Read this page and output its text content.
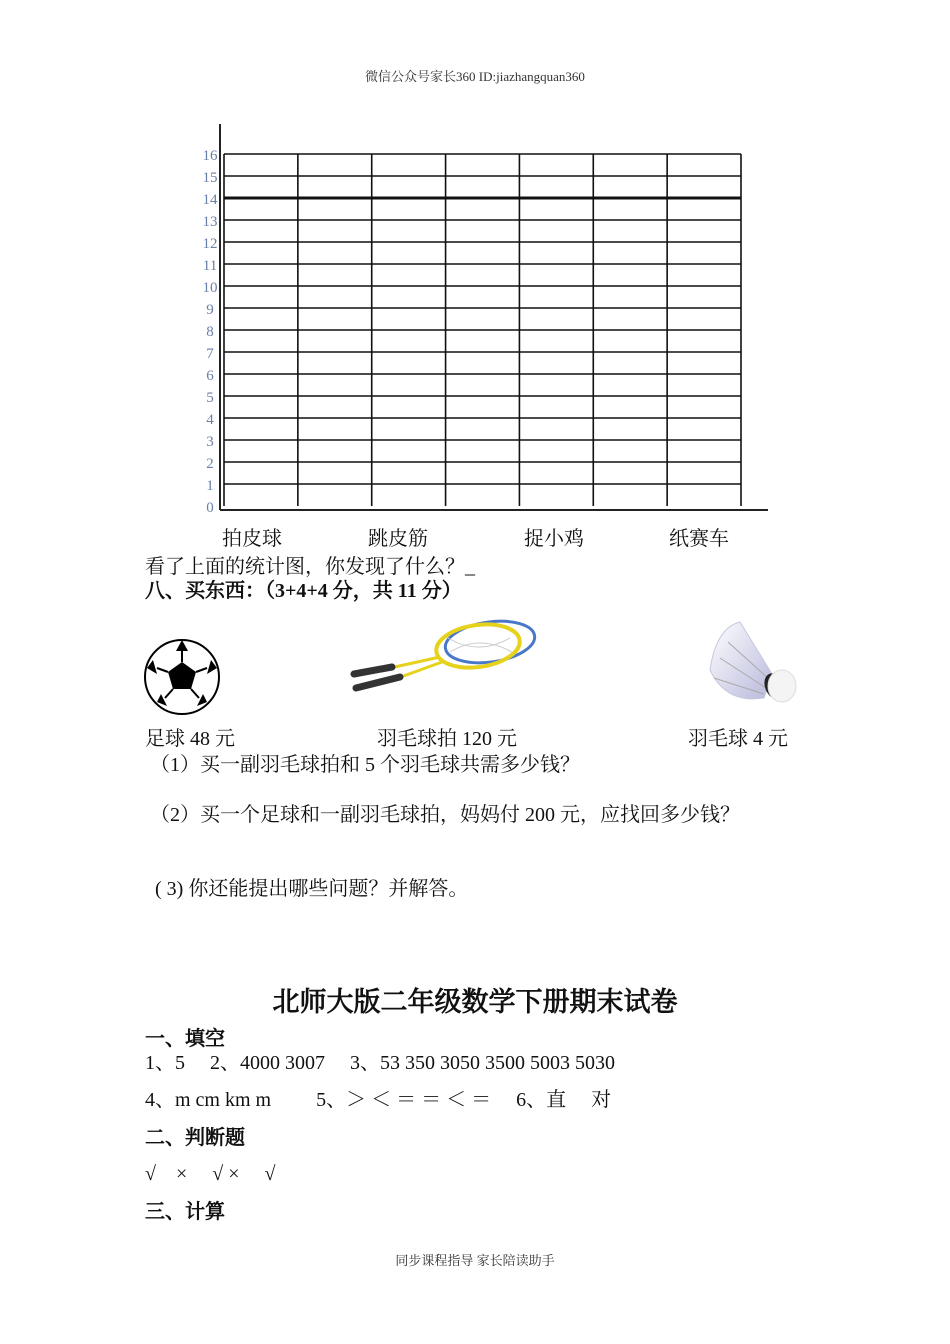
微信公众号家长360 ID:jiazhangquan360
0
1
2
3
4
5
6
7
8
9
10
11
12
13
14
15
16
拍皮球	跳皮筋	捉小鸡	纸赛车
看了上面的统计图，你发现了什么？_
八、买东西：（3+4+4 分，共 11 分）
足球 48 元	羽毛球拍 120 元	羽毛球 4 元
（1）买一副羽毛球拍和 5 个羽毛球共需多少钱？
（2）买一个足球和一副羽毛球拍，妈妈付 200 元，应找回多少钱？
( 3) 你还能提出哪些问题？并解答。
北师大版二年级数学下册期末试卷
一、填空
1、5　 2、4000 3007　 3、53 350 3050 3500 5003 5030
4、m cm km m　　 5、＞ ＜ ＝ ＝ ＜ ＝　 6、直　 对
二、判断题
√　×　 √ ×　 √
三、计算
同步课程指导 家长陪读助手
